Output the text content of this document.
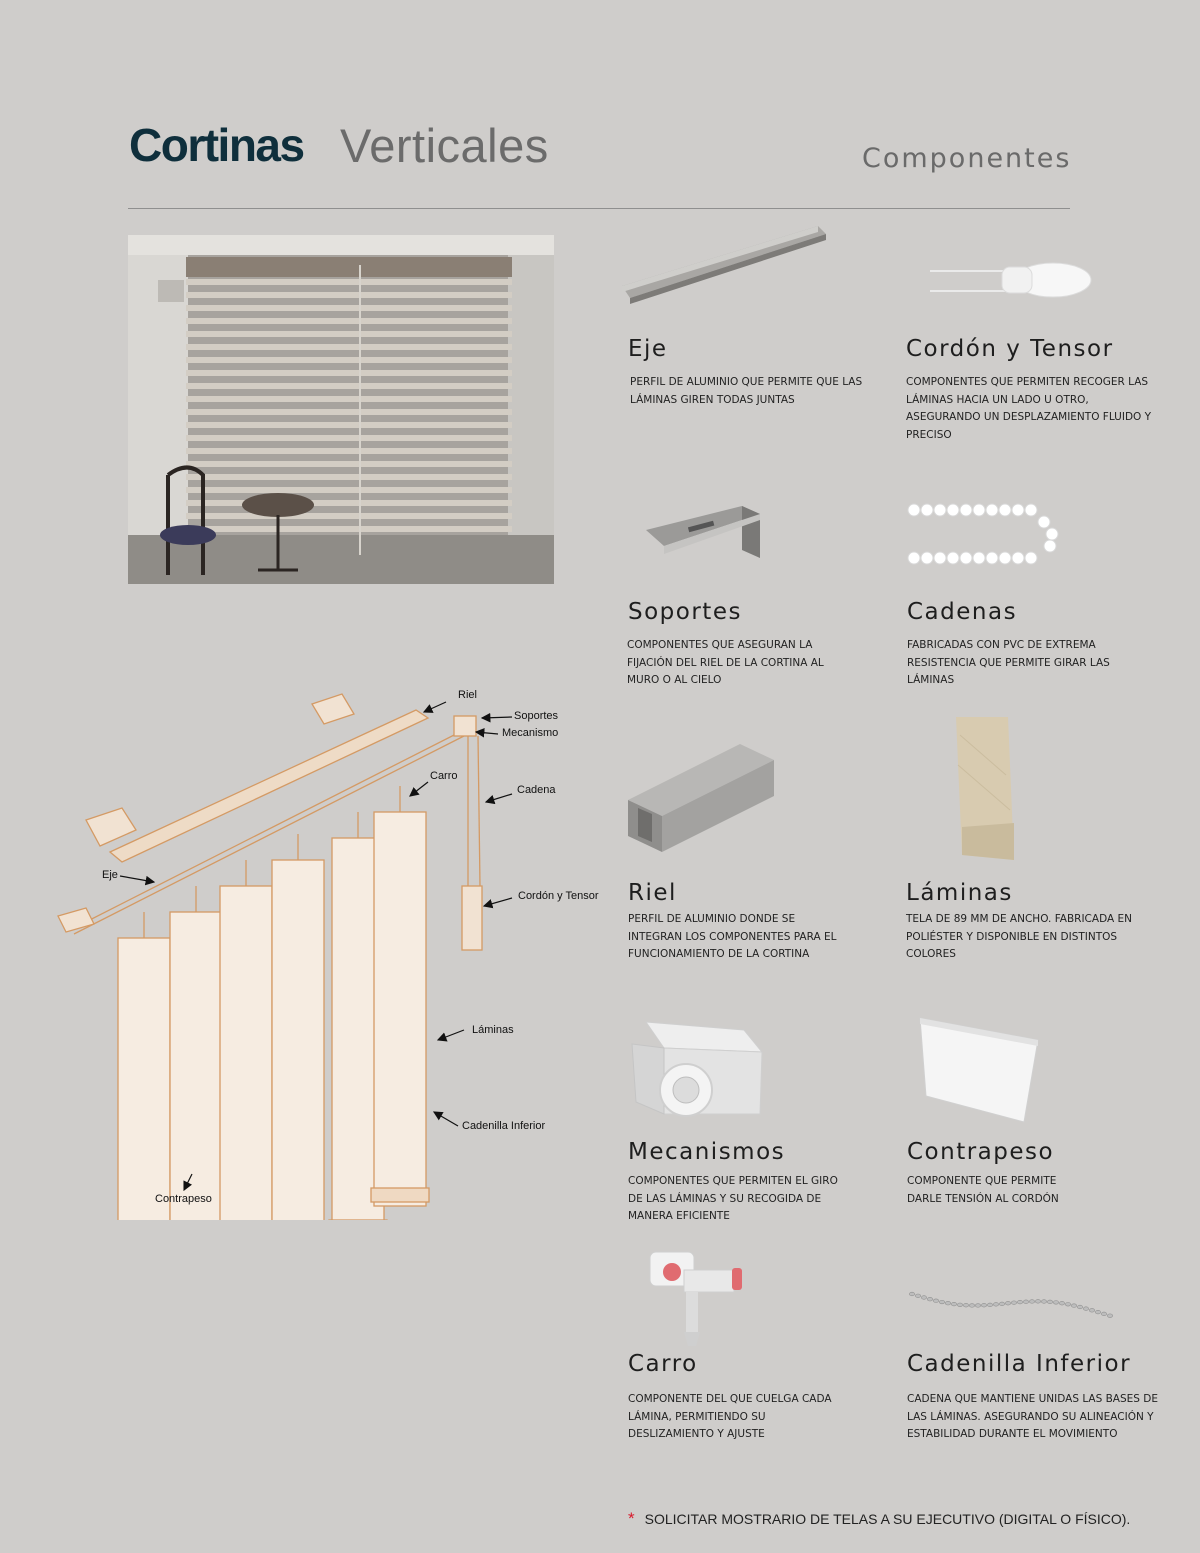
Cortinas Verticales	Componentes
Eje
PERFIL DE ALUMINIO QUE PERMITE QUE LAS LÁMINAS GIREN TODAS JUNTAS
Cordón y Tensor
COMPONENTES QUE PERMITEN RECOGER LAS LÁMINAS HACIA UN LADO U OTRO, ASEGURANDO UN DESPLAZAMIENTO FLUIDO Y PRECISO
Soportes
COMPONENTES QUE ASEGURAN LA FIJACIÓN DEL RIEL DE LA CORTINA AL MURO O AL CIELO
Cadenas
FABRICADAS CON PVC DE EXTREMA RESISTENCIA QUE PERMITE GIRAR LAS LÁMINAS
Riel
PERFIL DE ALUMINIO DONDE SE INTEGRAN LOS COMPONENTES PARA EL FUNCIONAMIENTO DE LA CORTINA
Láminas
TELA DE 89 MM DE ANCHO. FABRICADA EN POLIÉSTER Y DISPONIBLE EN DISTINTOS COLORES
Mecanismos
COMPONENTES QUE PERMITEN EL GIRO DE LAS LÁMINAS Y SU RECOGIDA DE MANERA EFICIENTE
Contrapeso
COMPONENTE QUE PERMITE DARLE TENSIÓN AL CORDÓN
Carro
COMPONENTE DEL QUE CUELGA CADA LÁMINA, PERMITIENDO SU DESLIZAMIENTO Y AJUSTE
Cadenilla Inferior
CADENA QUE MANTIENE UNIDAS LAS BASES DE LAS LÁMINAS. ASEGURANDO SU ALINEACIÓN Y ESTABILIDAD DURANTE EL MOVIMIENTO
Riel
Soportes
Mecanismo
Carro
Cadena
Eje
Cordón y Tensor
Láminas
Cadenilla Inferior
Contrapeso
* SOLICITAR MOSTRARIO DE TELAS A SU EJECUTIVO (DIGITAL O FÍSICO).
